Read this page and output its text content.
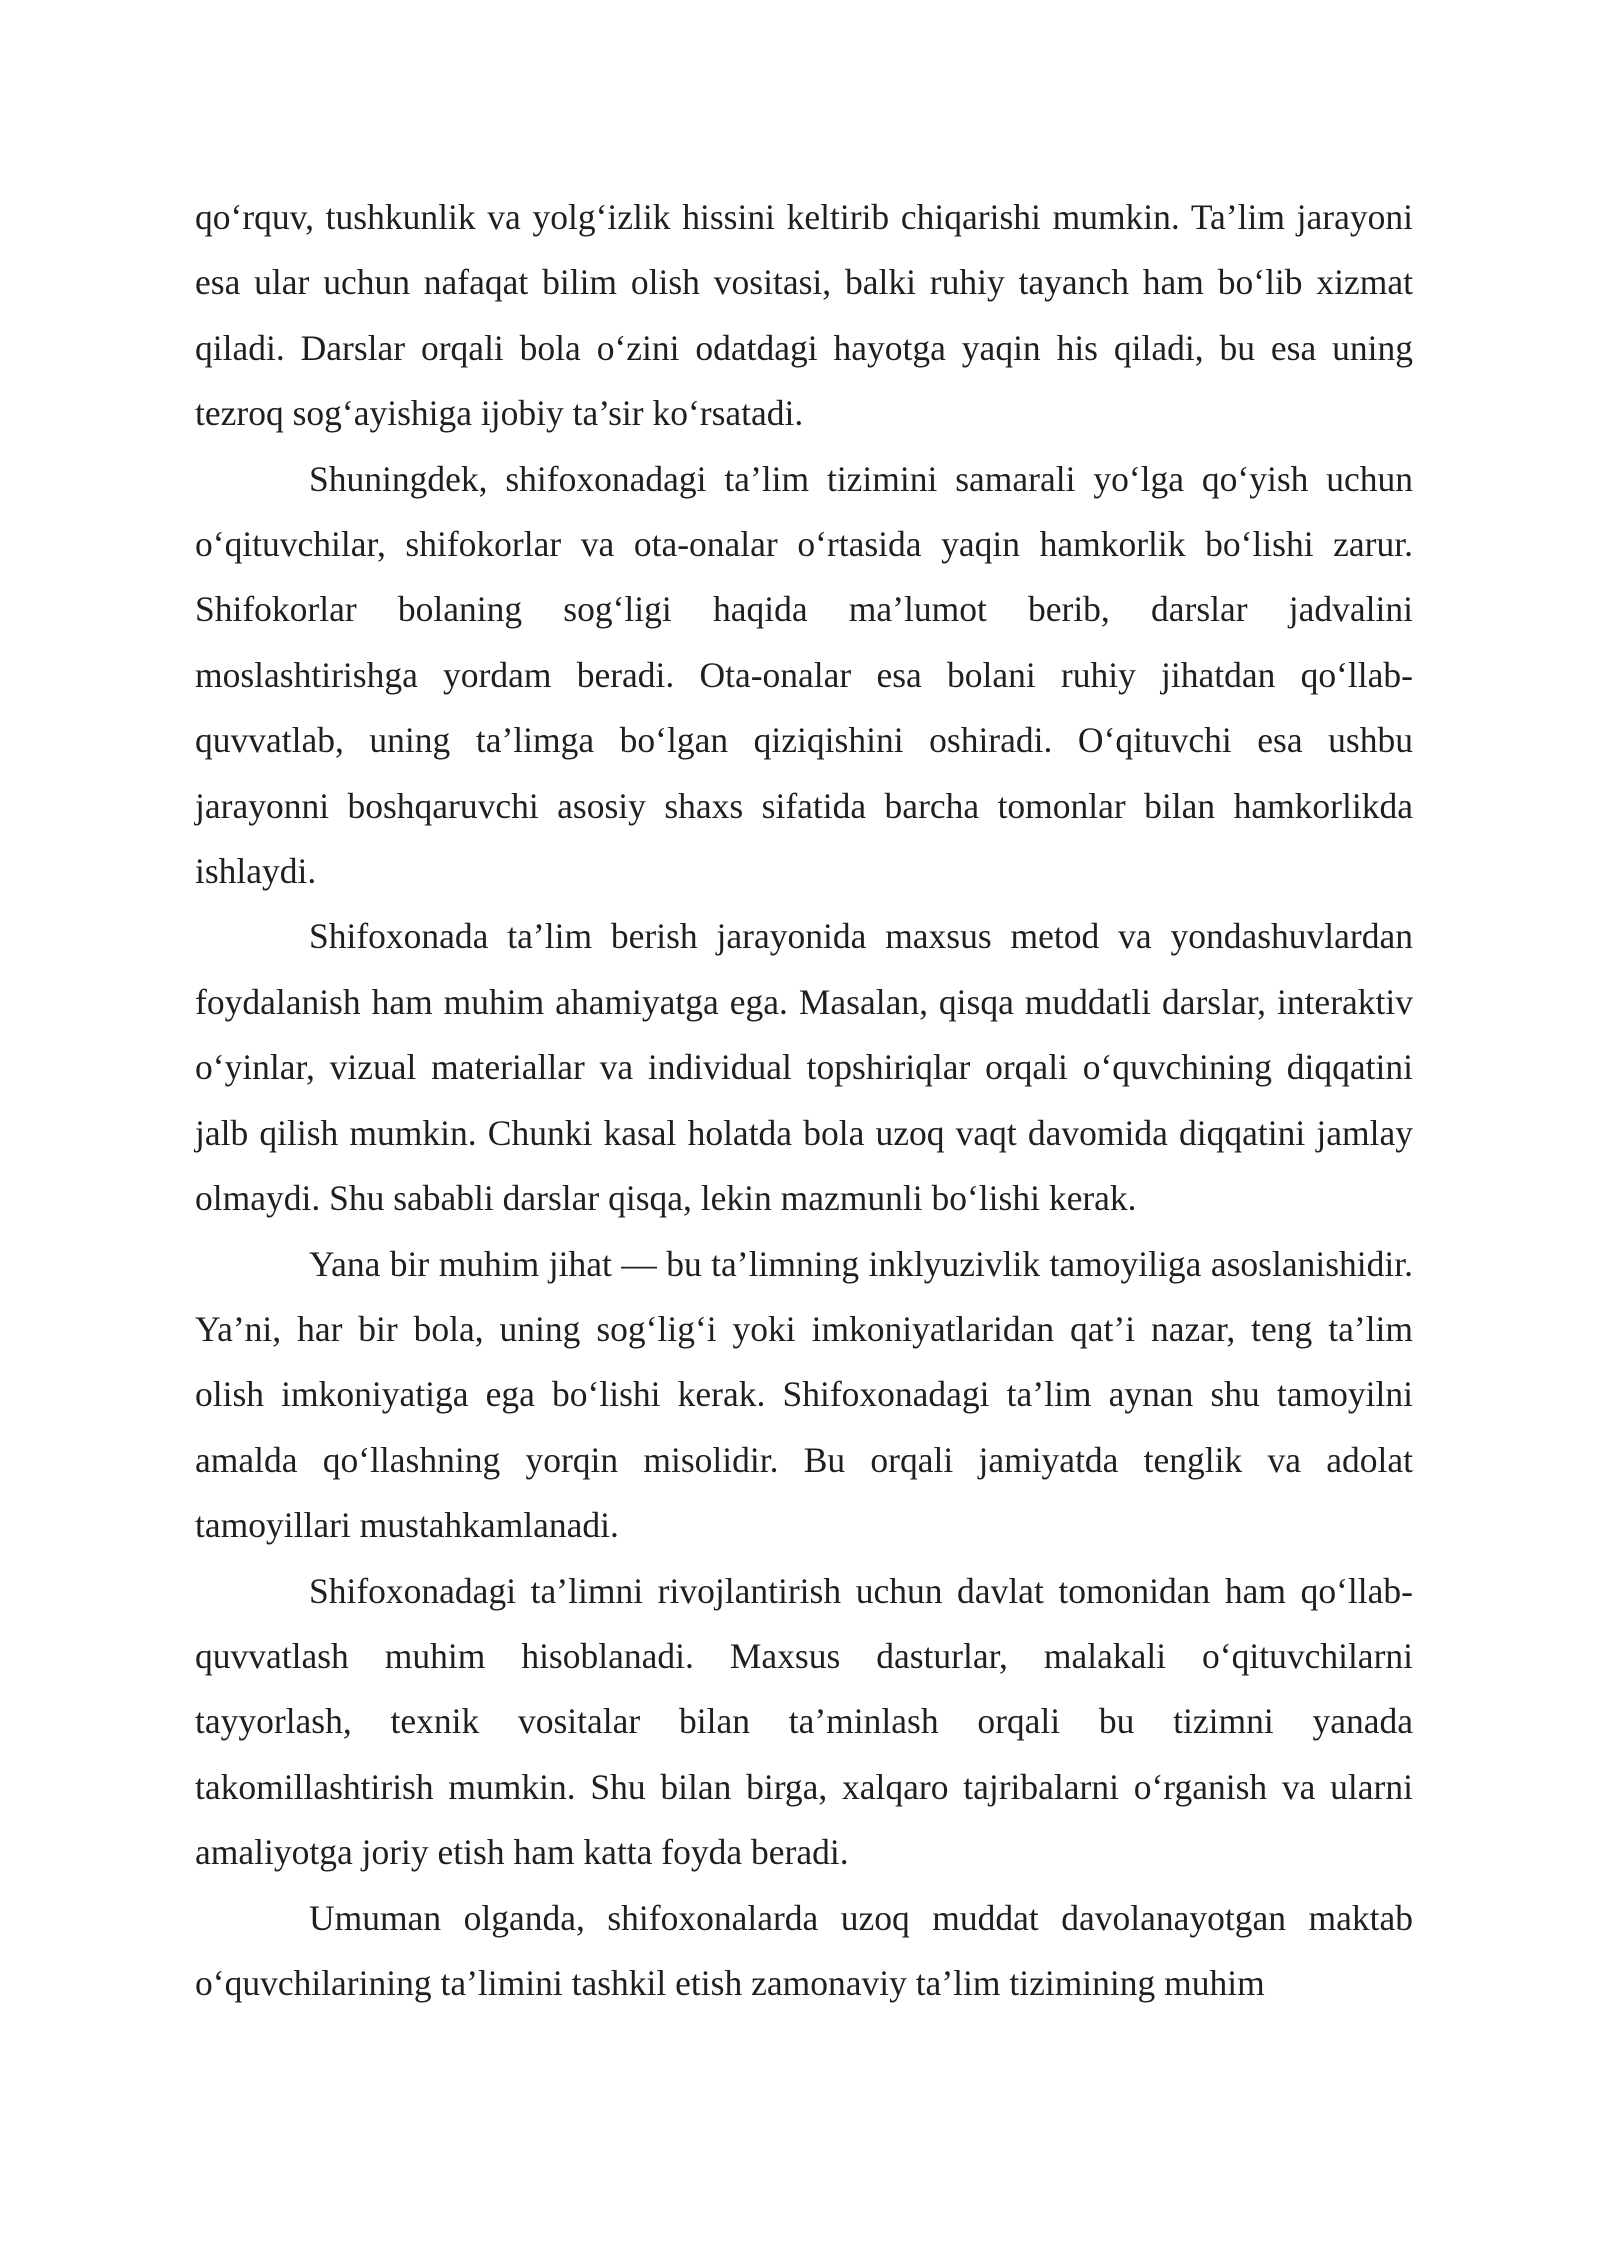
qo‘rquv, tushkunlik va yolg‘izlik hissini keltirib chiqarishi mumkin. Ta’lim jarayoni esa ular uchun nafaqat bilim olish vositasi, balki ruhiy tayanch ham bo‘lib xizmat qiladi. Darslar orqali bola o‘zini odatdagi hayotga yaqin his qiladi, bu esa uning tezroq sog‘ayishiga ijobiy ta’sir ko‘rsatadi.

Shuningdek, shifoxonadagi ta’lim tizimini samarali yo‘lga qo‘yish uchun o‘qituvchilar, shifokorlar va ota-onalar o‘rtasida yaqin hamkorlik bo‘lishi zarur. Shifokorlar bolaning sog‘ligi haqida ma’lumot berib, darslar jadvalini moslashtirishga yordam beradi. Ota-onalar esa bolani ruhiy jihatdan qo‘llab-quvvatlab, uning ta’limga bo‘lgan qiziqishini oshiradi. O‘qituvchi esa ushbu jarayonni boshqaruvchi asosiy shaxs sifatida barcha tomonlar bilan hamkorlikda ishlaydi.

Shifoxonada ta’lim berish jarayonida maxsus metod va yondashuvlardan foydalanish ham muhim ahamiyatga ega. Masalan, qisqa muddatli darslar, interaktiv o‘yinlar, vizual materiallar va individual topshiriqlar orqali o‘quvchining diqqatini jalb qilish mumkin. Chunki kasal holatda bola uzoq vaqt davomida diqqatini jamlay olmaydi. Shu sababli darslar qisqa, lekin mazmunli bo‘lishi kerak.

Yana bir muhim jihat — bu ta’limning inklyuzivlik tamoyiliga asoslanishidir. Ya’ni, har bir bola, uning sog‘lig‘i yoki imkoniyatlaridan qat’i nazar, teng ta’lim olish imkoniyatiga ega bo‘lishi kerak. Shifoxonadagi ta’lim aynan shu tamoyilni amalda qo‘llashning yorqin misolidir. Bu orqali jamiyatda tenglik va adolat tamoyillari mustahkamlanadi.

Shifoxonadagi ta’limni rivojlantirish uchun davlat tomonidan ham qo‘llab-quvvatlash muhim hisoblanadi. Maxsus dasturlar, malakali o‘qituvchilarni tayyorlash, texnik vositalar bilan ta’minlash orqali bu tizimni yanada takomillashtirish mumkin. Shu bilan birga, xalqaro tajribalarni o‘rganish va ularni amaliyotga joriy etish ham katta foyda beradi.

Umuman olganda, shifoxonalarda uzoq muddat davolanayotgan maktab o‘quvchilarining ta’limini tashkil etish zamonaviy ta’lim tizimining muhim
